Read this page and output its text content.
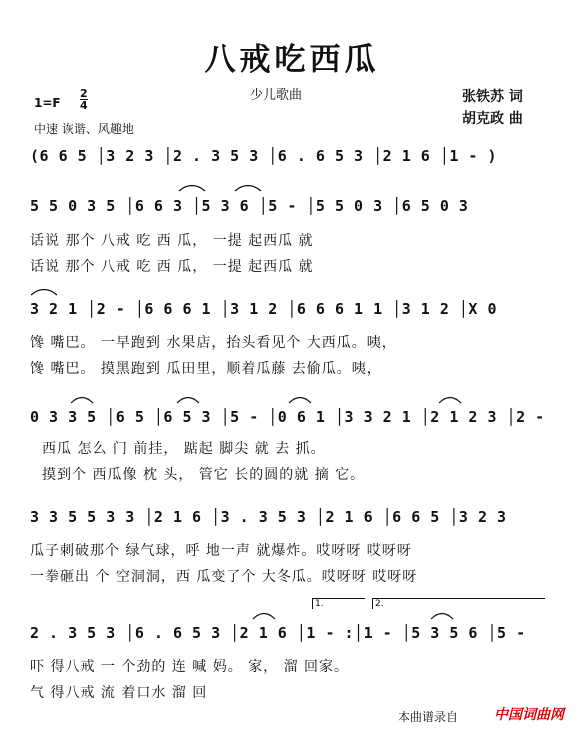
八戒吃西瓜
少儿歌曲	张铁苏 词
胡克政 曲
$1=F \frac{2}{4}$
中速 诙谐、风趣地
(6 6 5 │3 2 3 │2 . 3 5 3 │6 . 6 5 3 │2 1 6 │1 - )
5 5 0 3 5 │6 6 3 │5 3 6 │5 - │5 5 0 3 │6 5 0 3
话说 那个 八戒 吃 西 瓜， 一提 起西瓜 就
话说 那个 八戒 吃 西 瓜， 一提 起西瓜 就
3 2 1 │2 - │6 6 6 1 │3 1 2 │6 6 6 1 1 │3 1 2 │X 0
馋 嘴巴。 一早跑到 水果店，抬头看见个 大西瓜。咦，
馋 嘴巴。 摸黑跑到 瓜田里，顺着瓜藤 去偷瓜。咦，
0 3 3 5 │6 5 │6 5 3 │5 - │0 6 1 │3 3 2 1 │2 1 2 3 │2 -
西瓜 怎么 门 前挂， 踮起 脚尖 就 去 抓。
摸到个 西瓜像 枕 头， 管它 长的圆的就 摘 它。
3 3 5 5 3 3 │2 1 6 │3 . 3 5 3 │2 1 6 │6 6 5 │3 2 3
瓜子刺破那个 绿气球，呼 地一声 就爆炸。哎呀呀 哎呀呀
一拳砸出 个 空洞洞，西 瓜变了个 大冬瓜。哎呀呀 哎呀呀
1.	2.
2 . 3 5 3 │6 . 6 5 3 │2 1 6 │1 - :│1 - │5 3 5 6 │5 -
吓 得八戒 一 个劲的 连 喊 妈。 家， 溜 回家。
气 得八戒 流 着口水 溜 回
本曲谱录自	中国词曲网
